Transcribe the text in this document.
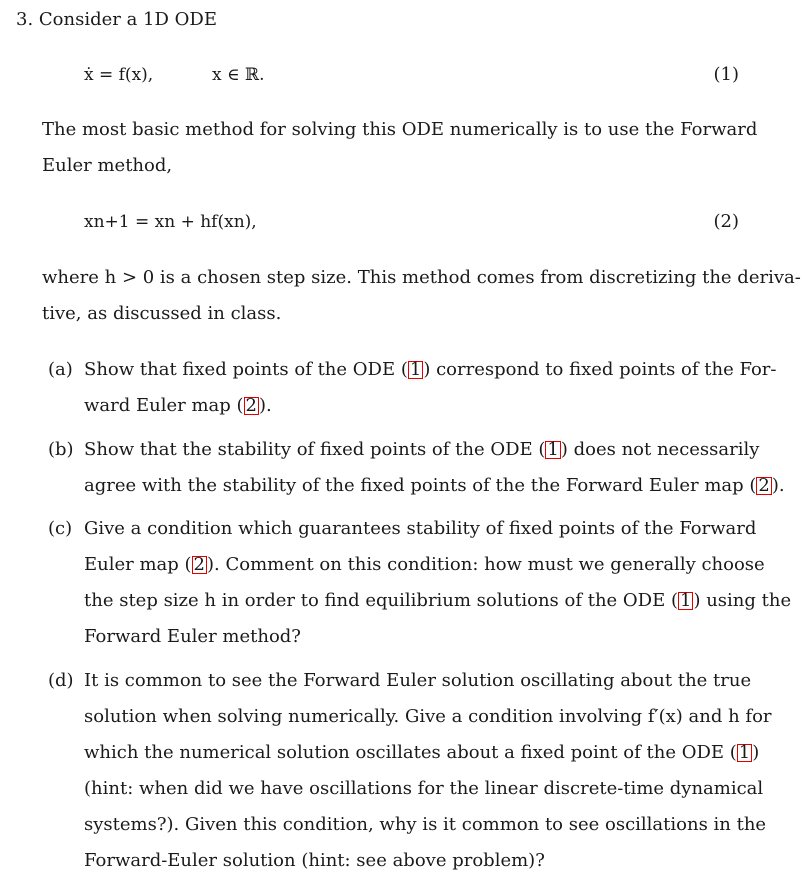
3. Consider a 1D ODE
ẋ = f(x),	x ∈ ℝ.	(1)
The most basic method for solving this ODE numerically is to use the Forward
Euler method,
xn+1 = xn + hf(xn),	(2)
where h > 0 is a chosen step size. This method comes from discretizing the deriva-
tive, as discussed in class.
(a) Show that fixed points of the ODE ( 1 ) correspond to fixed points of the For-
ward Euler map ( 2 ).
(b) Show that the stability of fixed points of the ODE ( 1 ) does not necessarily
agree with the stability of the fixed points of the the Forward Euler map ( 2 ).
(c) Give a condition which guarantees stability of fixed points of the Forward
Euler map ( 2 ). Comment on this condition: how must we generally choose
the step size h in order to find equilibrium solutions of the ODE ( 1 ) using the
Forward Euler method?
(d) It is common to see the Forward Euler solution oscillating about the true
solution when solving numerically. Give a condition involving f′(x) and h for
which the numerical solution oscillates about a fixed point of the ODE ( 1 )
(hint: when did we have oscillations for the linear discrete-time dynamical
systems?). Given this condition, why is it common to see oscillations in the
Forward-Euler solution (hint: see above problem)?
